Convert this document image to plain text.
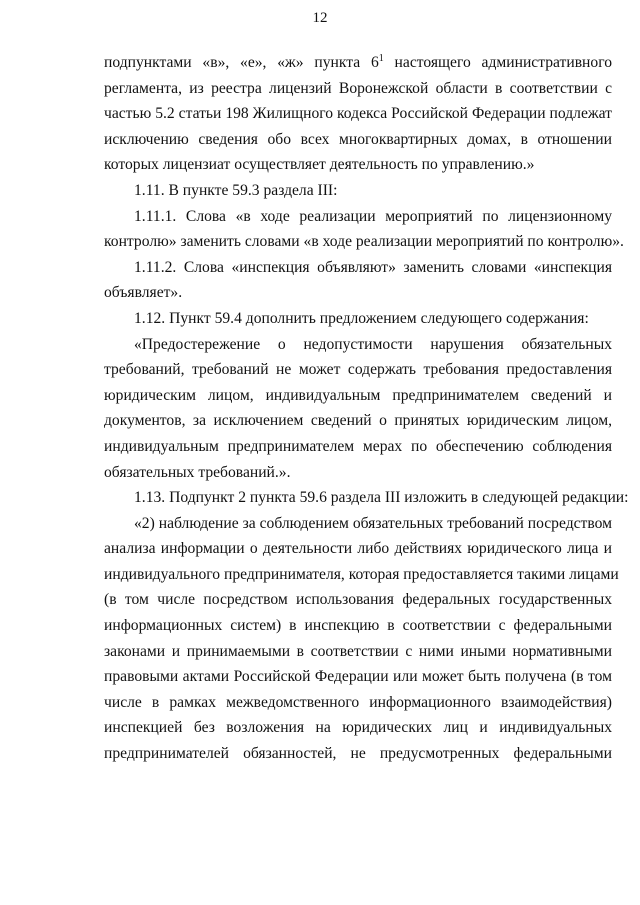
12
подпунктами «в», «е», «ж» пункта $6^1$ настоящего административного
регламента, из реестра лицензий Воронежской области в соответствии с
частью 5.2 статьи 198 Жилищного кодекса Российской Федерации подлежат
исключению сведения обо всех многоквартирных домах, в отношении
которых лицензиат осуществляет деятельность по управлению.»
1.11. В пункте 59.3 раздела III:
1.11.1. Слова «в ходе реализации мероприятий по лицензионному
контролю» заменить словами «в ходе реализации мероприятий по контролю».
1.11.2. Слова «инспекция объявляют» заменить словами «инспекция
объявляет».
1.12. Пункт 59.4 дополнить предложением следующего содержания:
«Предостережение о недопустимости нарушения обязательных
требований, требований не может содержать требования предоставления
юридическим лицом, индивидуальным предпринимателем сведений и
документов, за исключением сведений о принятых юридическим лицом,
индивидуальным предпринимателем мерах по обеспечению соблюдения
обязательных требований.».
1.13. Подпункт 2 пункта 59.6 раздела III изложить в следующей редакции:
«2) наблюдение за соблюдением обязательных требований посредством
анализа информации о деятельности либо действиях юридического лица и
индивидуального предпринимателя, которая предоставляется такими лицами
(в том числе посредством использования федеральных государственных
информационных систем) в инспекцию в соответствии с федеральными
законами и принимаемыми в соответствии с ними иными нормативными
правовыми актами Российской Федерации или может быть получена (в том
числе в рамках межведомственного информационного взаимодействия)
инспекцией без возложения на юридических лиц и индивидуальных
предпринимателей обязанностей, не предусмотренных федеральными
